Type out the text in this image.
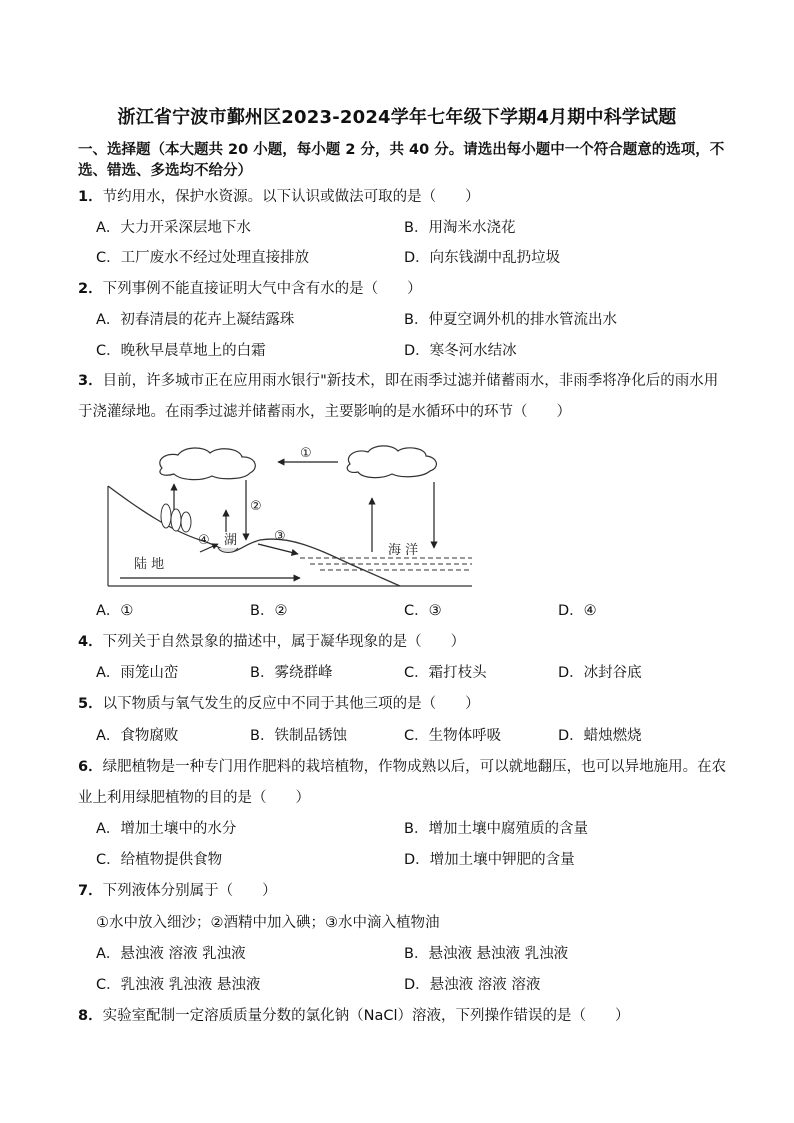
浙江省宁波市鄞州区2023-2024学年七年级下学期4月期中科学试题
一、选择题（本大题共 20 小题，每小题 2 分，共 40 分。请选出每小题中一个符合题意的选项，不选、错选、多选均不给分）
1．节约用水，保护水资源。以下认识或做法可取的是（　　）
A．大力开采深层地下水	B．用淘米水浇花
C．工厂废水不经过处理直接排放	D．向东钱湖中乱扔垃圾
2．下列事例不能直接证明大气中含有水的是（　　）
A．初春清晨的花卉上凝结露珠	B．仲夏空调外机的排水管流出水
C．晚秋早晨草地上的白霜	D．寒冬河水结冰
3．目前，许多城市正在应用雨水银行"新技术，即在雨季过滤并储蓄雨水，非雨季将净化后的雨水用于浇灌绿地。在雨季过滤并储蓄雨水，主要影响的是水循环中的环节（　　）
①
②
湖	③
④
陆 地
海 洋
A．①	B．②	C．③	D．④
4．下列关于自然景象的描述中，属于凝华现象的是（　　）
A．雨笼山峦	B．雾绕群峰	C．霜打枝头	D．冰封谷底
5．以下物质与氧气发生的反应中不同于其他三项的是（　　）
A．食物腐败	B．铁制品锈蚀	C．生物体呼吸	D．蜡烛燃烧
6．绿肥植物是一种专门用作肥料的栽培植物，作物成熟以后，可以就地翻压，也可以异地施用。在农业上利用绿肥植物的目的是（　　）
A．增加土壤中的水分	B．增加土壤中腐殖质的含量
C．给植物提供食物	D．增加土壤中钾肥的含量
7．下列液体分别属于（　　）
①水中放入细沙；②酒精中加入碘；③水中滴入植物油
A．悬浊液 溶液 乳浊液	B．悬浊液 悬浊液 乳浊液
C．乳浊液 乳浊液 悬浊液	D．悬浊液 溶液 溶液
8．实验室配制一定溶质质量分数的氯化钠（NaCl）溶液，下列操作错误的是（　　）
